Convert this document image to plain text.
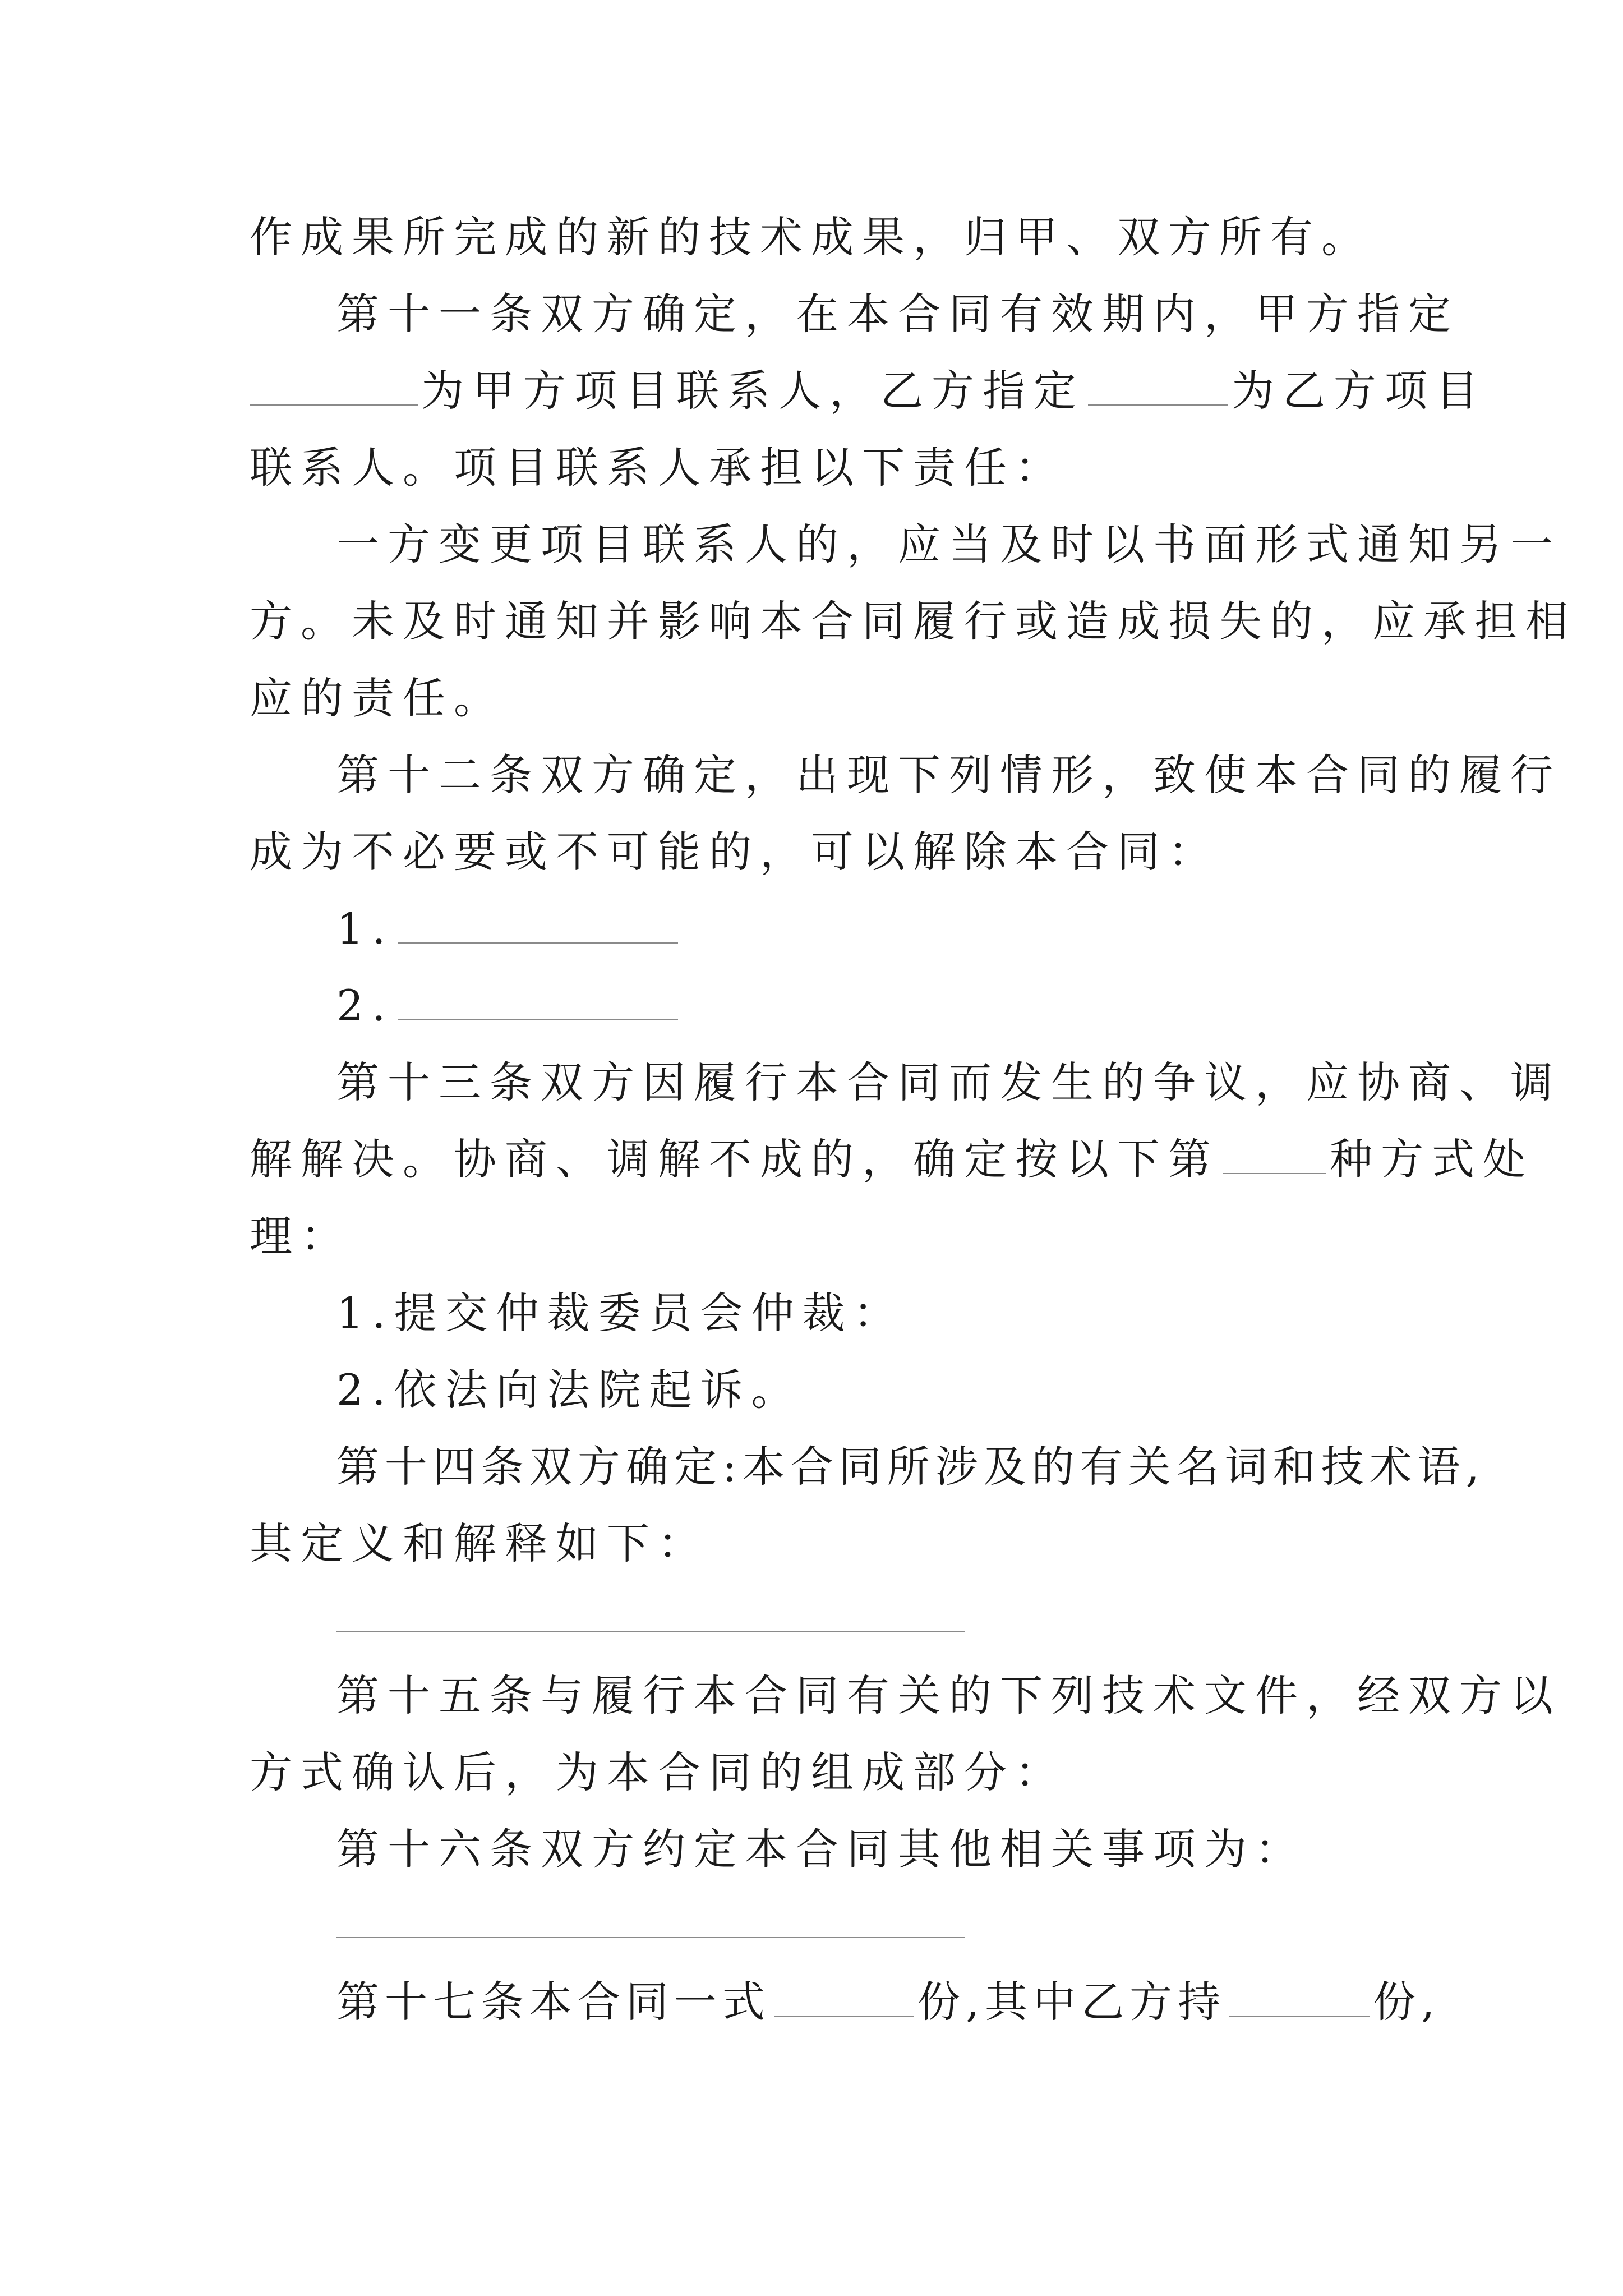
作成果所完成的新的技术成果，归甲、双方所有。
第十一条双方确定，在本合同有效期内，甲方指定
为甲方项目联系人，乙方指定	为乙方项目
联系人。项目联系人承担以下责任：
一方变更项目联系人的，应当及时以书面形式通知另一
方。未及时通知并影响本合同履行或造成损失的，应承担相
应的责任。
第十二条双方确定，出现下列情形，致使本合同的履行
成为不必要或不可能的，可以解除本合同：
1.
2.
第十三条双方因履行本合同而发生的争议，应协商、调
解解决。协商、调解不成的，确定按以下第	种方式处
理：
1.提交仲裁委员会仲裁：
2.依法向法院起诉。
第十四条双方确定:本合同所涉及的有关名词和技术语,
其定义和解释如下：
第十五条与履行本合同有关的下列技术文件，经双方以
方式确认后，为本合同的组成部分：
第十六条双方约定本合同其他相关事项为：
第十七条本合同一式	份,其中乙方持	份,
